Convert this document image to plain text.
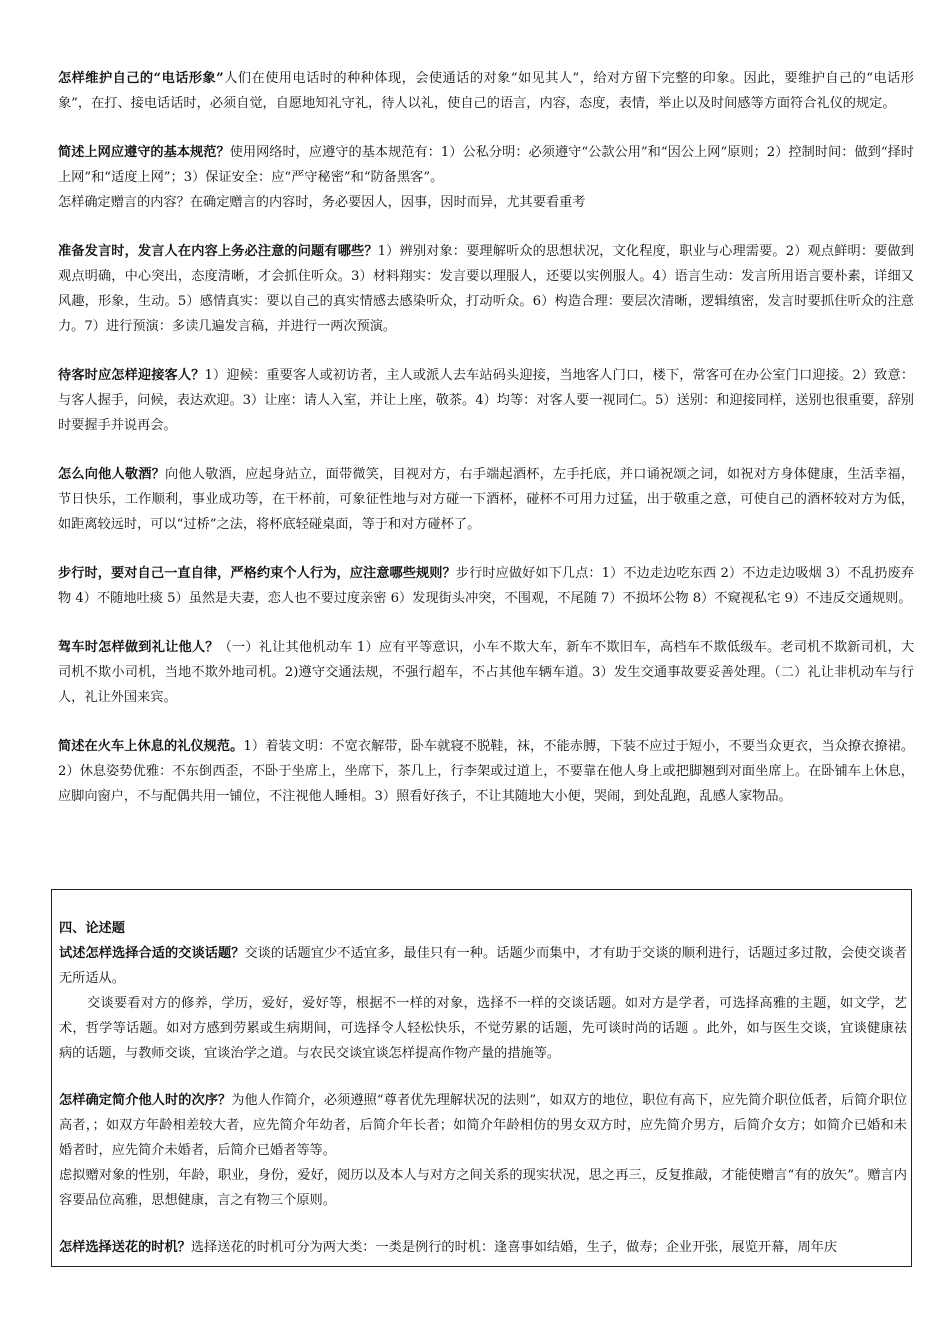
怎样维护自己的“电话形象”人们在使用电话时的种种体现，会使通话的对象“如见其人”，给对方留下完整的印象。因此，要维护自己的“电话形象”，在打、接电话话时，必须自觉，自愿地知礼守礼，待人以礼，使自己的语言，内容，态度，表情，举止以及时间感等方面符合礼仪的规定。

简述上网应遵守的基本规范？使用网络时，应遵守的基本规范有：1）公私分明：必须遵守“公款公用”和“因公上网”原则；2）控制时间：做到“择时上网”和“适度上网”；3）保证安全：应“严守秘密”和“防备黑客”。
怎样确定赠言的内容？在确定赠言的内容时，务必要因人，因事，因时而异，尤其要看重考

准备发言时，发言人在内容上务必注意的问题有哪些？1）辨别对象：要理解听众的思想状况，文化程度，职业与心理需要。2）观点鲜明：要做到观点明确，中心突出，态度清晰，才会抓住听众。3）材料翔实：发言要以理服人，还要以实例服人。4）语言生动：发言所用语言要朴素，详细又风趣，形象，生动。5）感情真实：要以自己的真实情感去感染听众，打动听众。6）构造合理：要层次清晰，逻辑缜密，发言时要抓住听众的注意力。7）进行预演：多读几遍发言稿，并进行一两次预演。

待客时应怎样迎接客人？1）迎候：重要客人或初访者，主人或派人去车站码头迎接，当地客人门口，楼下，常客可在办公室门口迎接。2）致意：与客人握手，问候，表达欢迎。3）让座：请人入室，并让上座，敬茶。4）均等：对客人要一视同仁。5）送别：和迎接同样，送别也很重要，辞别时要握手并说再会。

怎么向他人敬酒？向他人敬酒，应起身站立，面带微笑，目视对方，右手端起酒杯，左手托底，并口诵祝颂之词，如祝对方身体健康，生活幸福，节日快乐，工作顺利，事业成功等，在干杯前，可象征性地与对方碰一下酒杯，碰杯不可用力过猛，出于敬重之意，可使自己的酒杯较对方为低，如距离较远时，可以“过桥”之法，将杯底轻碰桌面，等于和对方碰杯了。

步行时，要对自己一直自律，严格约束个人行为，应注意哪些规则？步行时应做好如下几点：1）不边走边吃东西 2）不边走边吸烟 3）不乱扔废弃物 4）不随地吐痰 5）虽然是夫妻，恋人也不要过度亲密 6）发现街头冲突，不围观，不尾随 7）不损坏公物 8）不窥视私宅 9）不违反交通规则。

驾车时怎样做到礼让他人？（一）礼让其他机动车 1）应有平等意识，小车不欺大车，新车不欺旧车，高档车不欺低级车。老司机不欺新司机，大司机不欺小司机，当地不欺外地司机。2)遵守交通法规，不强行超车，不占其他车辆车道。3）发生交通事故要妥善处理。（二）礼让非机动车与行人，礼让外国来宾。

简述在火车上休息的礼仪规范。1）着装文明：不宽衣解带，卧车就寝不脱鞋，袜，不能赤膊，下装不应过于短小，不要当众更衣，当众撩衣撩裙。2）休息姿势优雅：不东倒西歪，不卧于坐席上，坐席下，茶几上，行李架或过道上，不要靠在他人身上或把脚翘到对面坐席上。在卧铺车上休息，应脚向窗户，不与配偶共用一铺位，不注视他人睡相。3）照看好孩子，不让其随地大小便，哭闹，到处乱跑，乱感人家物品。

四、论述题

试述怎样选择合适的交谈话题？交谈的话题宜少不适宜多，最佳只有一种。话题少而集中，才有助于交谈的顺利进行，话题过多过散，会使交谈者无所适从。
交谈要看对方的修养，学历，爱好，爱好等，根据不一样的对象，选择不一样的交谈话题。如对方是学者，可选择高雅的主题，如文学，艺术，哲学等话题。如对方感到劳累或生病期间，可选择令人轻松快乐，不觉劳累的话题，先可谈时尚的话题 。此外，如与医生交谈，宜谈健康祛病的话题，与教师交谈，宜谈治学之道。与农民交谈宜谈怎样提高作物产量的措施等。

怎样确定简介他人时的次序？为他人作简介，必须遵照“尊者优先理解状况的法则”，如双方的地位，职位有高下，应先简介职位低者，后简介职位高者，；如双方年龄相差较大者，应先简介年幼者，后简介年长者；如简介年龄相仿的男女双方时，应先简介男方，后简介女方；如简介已婚和未婚者时，应先简介未婚者，后简介已婚者等等。
虑拟赠对象的性别，年龄，职业，身份，爱好，阅历以及本人与对方之间关系的现实状况，思之再三，反复推敲，才能使赠言“有的放矢”。赠言内容要品位高雅，思想健康，言之有物三个原则。

怎样选择送花的时机？选择送花的时机可分为两大类：一类是例行的时机：逢喜事如结婚，生子，做寿；企业开张，展览开幕，周年庆
